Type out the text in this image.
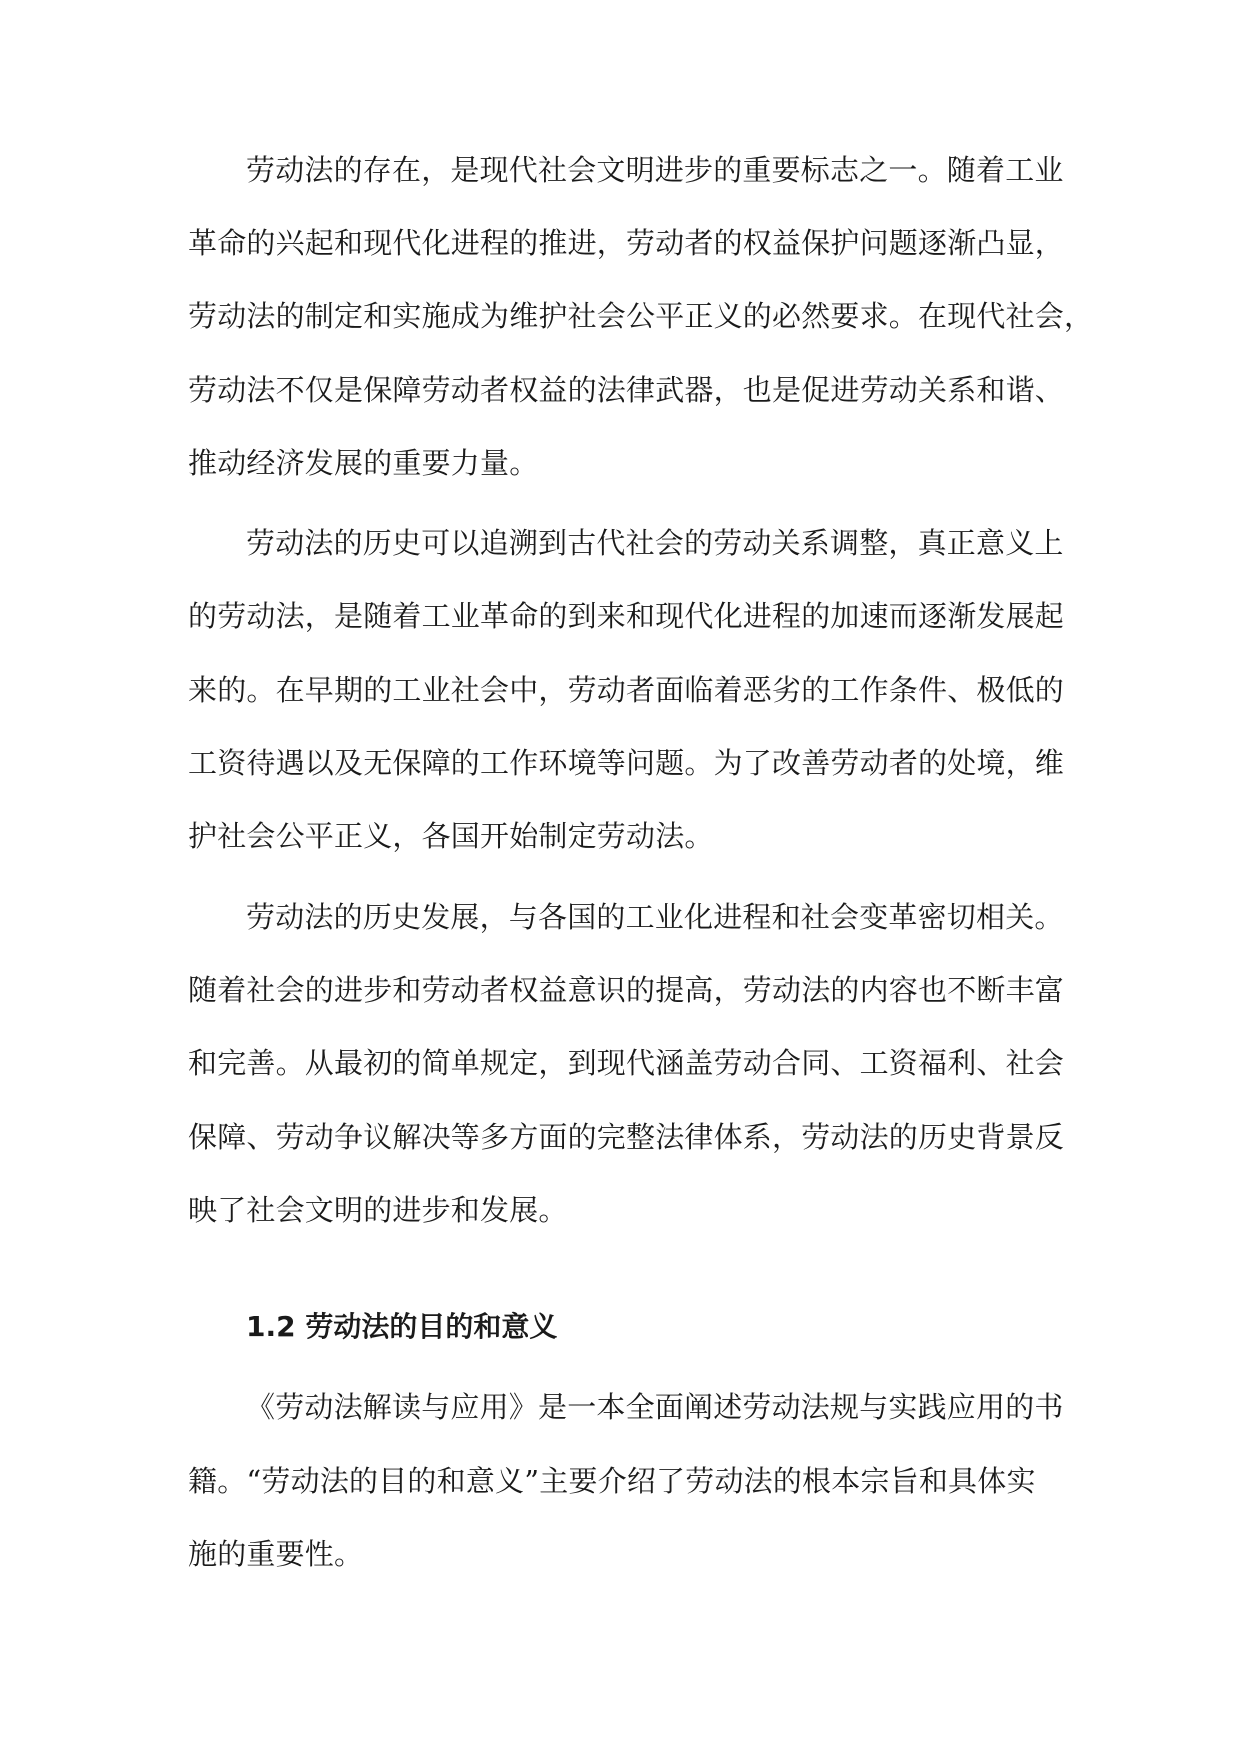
劳动法的存在，是现代社会文明进步的重要标志之一。随着工业
革命的兴起和现代化进程的推进，劳动者的权益保护问题逐渐凸显，
劳动法的制定和实施成为维护社会公平正义的必然要求。在现代社会，
劳动法不仅是保障劳动者权益的法律武器，也是促进劳动关系和谐、
推动经济发展的重要力量。
劳动法的历史可以追溯到古代社会的劳动关系调整，真正意义上
的劳动法，是随着工业革命的到来和现代化进程的加速而逐渐发展起
来的。在早期的工业社会中，劳动者面临着恶劣的工作条件、极低的
工资待遇以及无保障的工作环境等问题。为了改善劳动者的处境，维
护社会公平正义，各国开始制定劳动法。
劳动法的历史发展，与各国的工业化进程和社会变革密切相关。
随着社会的进步和劳动者权益意识的提高，劳动法的内容也不断丰富
和完善。从最初的简单规定，到现代涵盖劳动合同、工资福利、社会
保障、劳动争议解决等多方面的完整法律体系，劳动法的历史背景反
映了社会文明的进步和发展。
1.2 劳动法的目的和意义
《劳动法解读与应用》是一本全面阐述劳动法规与实践应用的书
籍。“劳动法的目的和意义”主要介绍了劳动法的根本宗旨和具体实
施的重要性。
